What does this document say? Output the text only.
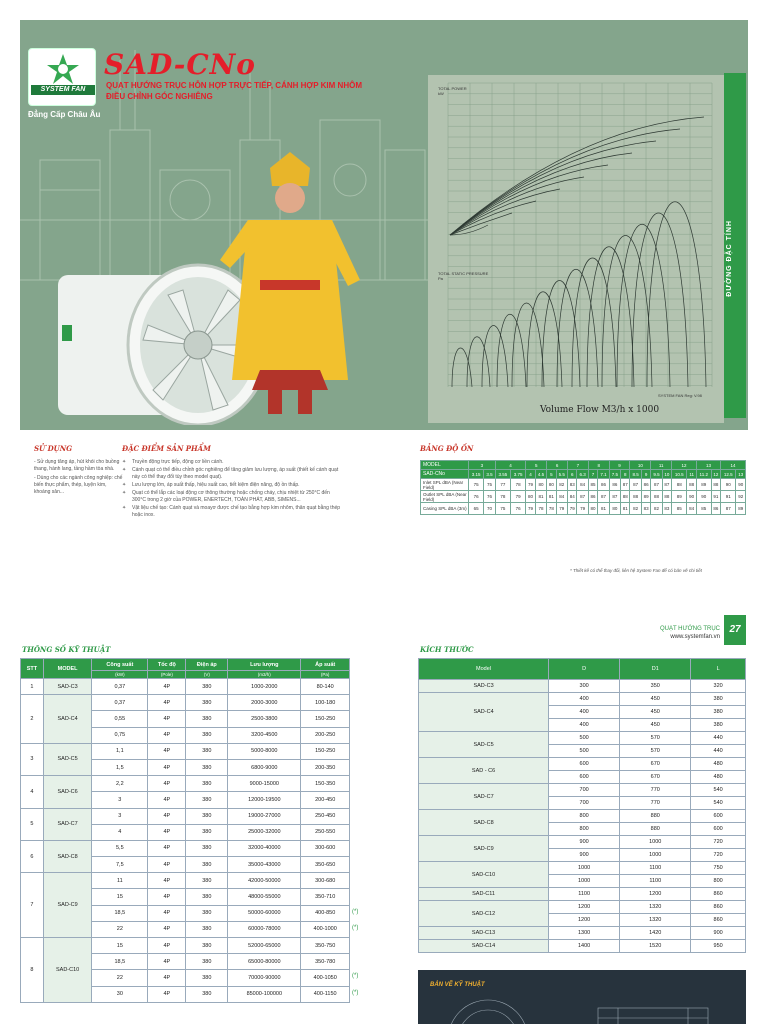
SYSTEM FAN
Đẳng Cấp Châu Âu
SAD-CNo
QUẠT HƯỚNG TRỤC HỖN HỢP TRỰC TIẾP, CÁNH HỢP KIM NHÔM
ĐIỀU CHỈNH GÓC NGHIÊNG
TOTAL POWER
kW
TOTAL STATIC PRESSURE
Pa
SYSTEM FAN Reg: V.98
Volume Flow M3/h x 1000
ĐƯỜNG ĐẶC TÍNH
SỬ DỤNG

- Sử dụng tăng áp, hút khói cho buồng thang, hành lang, tầng hầm tòa nhà.

- Dùng cho các ngành công nghiệp: chế biến thực phẩm, thép, luyện kim, khoáng sản...

ĐẶC ĐIỂM SẢN PHẨM
✦ Truyền động trực tiếp, động cơ liền cánh.
✦ Cánh quạt có thể điều chỉnh góc nghiêng để tăng giảm lưu lượng, áp suất (thiết kế cánh quạt này có thể thay đổi tùy theo model quạt).
✦ Lưu lượng lớn, áp suất thấp, hiệu suất cao, tiết kiệm điện năng, độ ồn thấp.
✦ Quạt có thể lắp các loại động cơ thông thường hoặc chống cháy, chịu nhiệt từ 250°C đến 300°C trong 2 giờ của POWER, ENERTECH, TOÀN PHÁT, ABB, SIMENS...
✦ Vật liệu chế tạo: Cánh quạt và moayơ được chế tạo bằng hợp kim nhôm, thân quạt bằng thép hoặc inox.
BẢNG ĐỘ ỒN
MODEL	3		4		5		6		7		8		9		10		11		12		13		14	
SAD-CNo	3.15	3.5	3.55	3.75	4	4.5	5	5.5	6	6.3	7	7.1	7.5	8	8.5	9	9.5	10	10.5	11	11.2	12	12.5	13
Inlet SPL dBA (Near Field)	75	75	77	78	79	80	80	82	83	84	85	86	86	87	87	86	87	87	88	88	89	88	90	90
Outlet SPL dBA (Near Field)	76	76	78	79	80	81	81	84	84	87	86	87	87	88	88	89	88	88	89	90	90	91	91	92
Casing SPL dBA (3m)	65	70	75	76	79	78	78	79	79	79	80	81	80	81	82	83	82	83	85	84	85	86	87	89
* Thiết kế có thể thay đổi, liên hệ System Fan để có bản vẽ chi tiết
QUẠT HƯỚNG TRỤC
www.systemfan.vn
27
THÔNG SỐ KỸ THUẬT	KÍCH THƯỚC
STT	MODEL	Công suất	Tốc độ	Điện áp	Lưu lượng	Áp suất
		(kW)	(Pole)	(V)	(m3/h)	(Pa)
1	SAD-C3	0,37	4P	380	1000-2000	80-140
2	SAD-C4	0,37	4P	380	2000-3000	100-180
		0,55	4P	380	2500-3800	150-250
		0,75	4P	380	3200-4500	200-250
3	SAD-C5	1,1	4P	380	5000-8000	150-250
		1,5	4P	380	6800-9000	200-350
4	SAD-C6	2,2	4P	380	9000-15000	150-350
		3	4P	380	12000-19500	200-450
5	SAD-C7	3	4P	380	19000-27000	250-450
		4	4P	380	25000-32000	250-550
6	SAD-C8	5,5	4P	380	32000-40000	300-600
		7,5	4P	380	35000-43000	350-650
7	SAD-C9	11	4P	380	42000-50000	300-680
		15	4P	380	48000-55000	350-710
		18,5	4P	380	50000-60000	400-850
		22	4P	380	60000-78000	400-1000
8	SAD-C10	15	4P	380	52000-65000	350-750
		18,5	4P	380	65000-80000	350-780
		22	4P	380	70000-90000	400-1050
		30	4P	380	85000-100000	400-1150
(*)
(*)
(*)
(*)
Model	D	D1	L
SAD-C3	300	350	320
SAD-C4	400	450	380
	400	450	380
	400	450	380
SAD-C5	500	570	440
	500	570	440
SAD - C6	600	670	480
	600	670	480
SAD-C7	700	770	540
	700	770	540
SAD-C8	800	880	600
	800	880	600
SAD-C9	900	1000	720
	900	1000	720
SAD-C10	1000	1100	750
	1000	1100	800
SAD-C11	1100	1200	860
SAD-C12	1200	1320	860
	1200	1320	860
SAD-C13	1300	1420	900
SAD-C14	1400	1520	950
BẢN VẼ KỸ THUẬT
